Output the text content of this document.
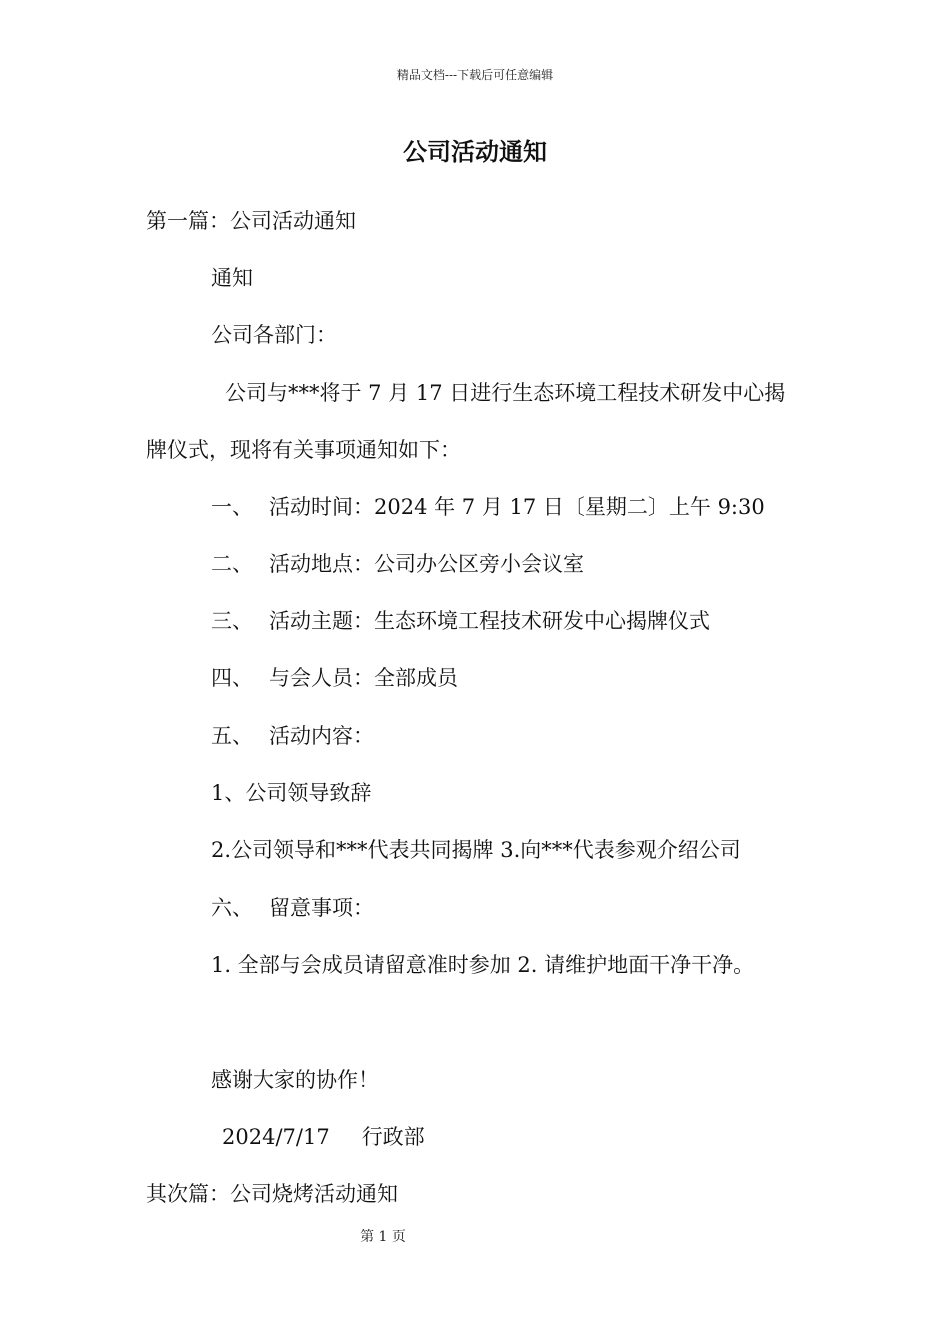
精品文档---下载后可任意编辑
公司活动通知

第一篇：公司活动通知

通知

公司各部门：

公司与***将于 7 月 17 日进行生态环境工程技术研发中心揭

牌仪式，现将有关事项通知如下：

一、 活动时间：2024 年 7 月 17 日〔星期二〕上午 9:30

二、 活动地点：公司办公区旁小会议室

三、 活动主题：生态环境工程技术研发中心揭牌仪式

四、 与会人员：全部成员

五、 活动内容：

1、公司领导致辞

2.公司领导和***代表共同揭牌 3.向***代表参观介绍公司

六、 留意事项：

1. 全部与会成员请留意准时参加 2. 请维护地面干净干净。

感谢大家的协作！

2024/7/17 行政部

其次篇：公司烧烤活动通知

第 1 页
